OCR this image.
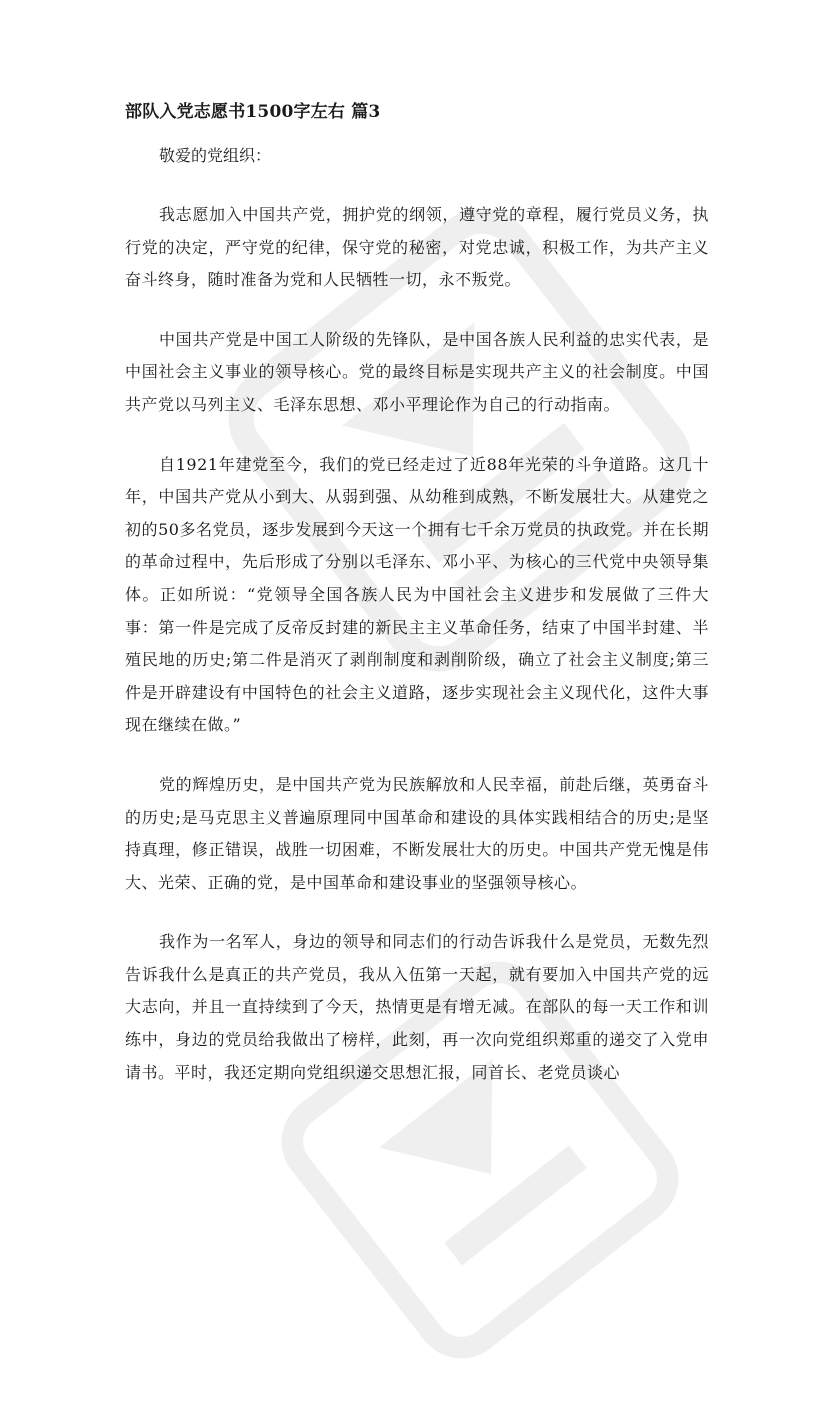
部队入党志愿书1500字左右 篇3

敬爱的党组织：

我志愿加入中国共产党，拥护党的纲领，遵守党的章程，履行党员义务，执行党的决定，严守党的纪律，保守党的秘密，对党忠诚，积极工作，为共产主义奋斗终身，随时准备为党和人民牺牲一切，永不叛党。

中国共产党是中国工人阶级的先锋队，是中国各族人民利益的忠实代表，是中国社会主义事业的领导核心。党的最终目标是实现共产主义的社会制度。中国共产党以马列主义、毛泽东思想、邓小平理论作为自己的行动指南。

自1921年建党至今，我们的党已经走过了近88年光荣的斗争道路。这几十年，中国共产党从小到大、从弱到强、从幼稚到成熟，不断发展壮大。从建党之初的50多名党员，逐步发展到今天这一个拥有七千余万党员的执政党。并在长期的革命过程中，先后形成了分别以毛泽东、邓小平、为核心的三代党中央领导集体。正如所说：“党领导全国各族人民为中国社会主义进步和发展做了三件大事：第一件是完成了反帝反封建的新民主主义革命任务，结束了中国半封建、半殖民地的历史;第二件是消灭了剥削制度和剥削阶级，确立了社会主义制度;第三件是开辟建设有中国特色的社会主义道路，逐步实现社会主义现代化，这件大事现在继续在做。”

党的辉煌历史，是中国共产党为民族解放和人民幸福，前赴后继，英勇奋斗的历史;是马克思主义普遍原理同中国革命和建设的具体实践相结合的历史;是坚持真理，修正错误，战胜一切困难，不断发展壮大的历史。中国共产党无愧是伟大、光荣、正确的党，是中国革命和建设事业的坚强领导核心。

我作为一名军人，身边的领导和同志们的行动告诉我什么是党员，无数先烈告诉我什么是真正的共产党员，我从入伍第一天起，就有要加入中国共产党的远大志向，并且一直持续到了今天，热情更是有增无减。在部队的每一天工作和训练中，身边的党员给我做出了榜样，此刻，再一次向党组织郑重的递交了入党申请书。平时，我还定期向党组织递交思想汇报，同首长、老党员谈心
